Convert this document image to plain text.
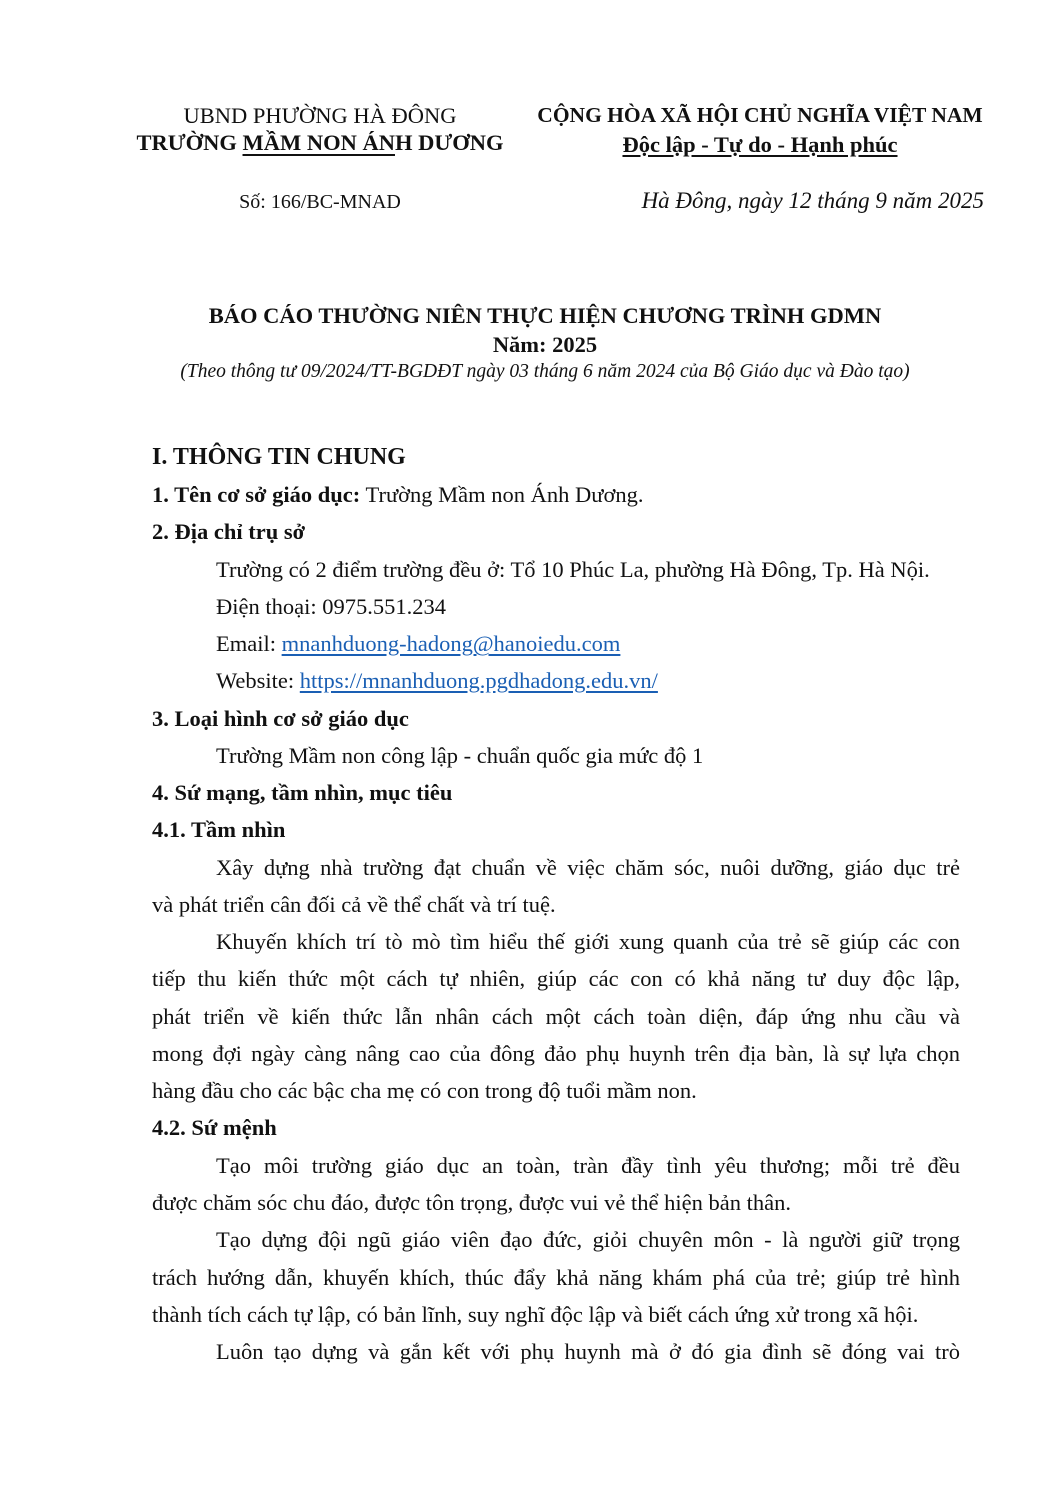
UBND PHƯỜNG HÀ ĐÔNG
TRƯỜNG MẦM NON ÁNH DƯƠNG
Số: 166/BC-MNAD
CỘNG HÒA XÃ HỘI CHỦ NGHĨA VIỆT NAM
Độc lập - Tự do - Hạnh phúc
Hà Đông, ngày 12 tháng 9 năm 2025
BÁO CÁO THƯỜNG NIÊN THỰC HIỆN CHƯƠNG TRÌNH GDMN
Năm: 2025
(Theo thông tư 09/2024/TT-BGDĐT ngày 03 tháng 6 năm 2024 của Bộ Giáo dục và Đào tạo)
I. THÔNG TIN CHUNG
1. Tên cơ sở giáo dục: Trường Mầm non Ánh Dương.
2. Địa chỉ trụ sở
Trường có 2 điểm trường đều ở: Tổ 10 Phúc La, phường Hà Đông, Tp. Hà Nội.
Điện thoại: 0975.551.234
Email: mnanhduong-hadong@hanoiedu.com
Website: https://mnanhduong.pgdhadong.edu.vn/
3. Loại hình cơ sở giáo dục
Trường Mầm non công lập - chuẩn quốc gia mức độ 1
4. Sứ mạng, tầm nhìn, mục tiêu
4.1. Tầm nhìn
Xây dựng nhà trường đạt chuẩn về việc chăm sóc, nuôi dưỡng, giáo dục trẻ
và phát triển cân đối cả về thể chất và trí tuệ.
Khuyến khích trí tò mò tìm hiểu thế giới xung quanh của trẻ sẽ giúp các con
tiếp thu kiến thức một cách tự nhiên, giúp các con có khả năng tư duy độc lập,
phát triển về kiến thức lẫn nhân cách một cách toàn diện, đáp ứng nhu cầu và
mong đợi ngày càng nâng cao của đông đảo phụ huynh trên địa bàn, là sự lựa chọn
hàng đầu cho các bậc cha mẹ có con trong độ tuổi mầm non.
4.2. Sứ mệnh
Tạo môi trường giáo dục an toàn, tràn đầy tình yêu thương; mỗi trẻ đều
được chăm sóc chu đáo, được tôn trọng, được vui vẻ thể hiện bản thân.
Tạo dựng đội ngũ giáo viên đạo đức, giỏi chuyên môn - là người giữ trọng
trách hướng dẫn, khuyến khích, thúc đẩy khả năng khám phá của trẻ; giúp trẻ hình
thành tích cách tự lập, có bản lĩnh, suy nghĩ độc lập và biết cách ứng xử trong xã hội.
Luôn tạo dựng và gắn kết với phụ huynh mà ở đó gia đình sẽ đóng vai trò
